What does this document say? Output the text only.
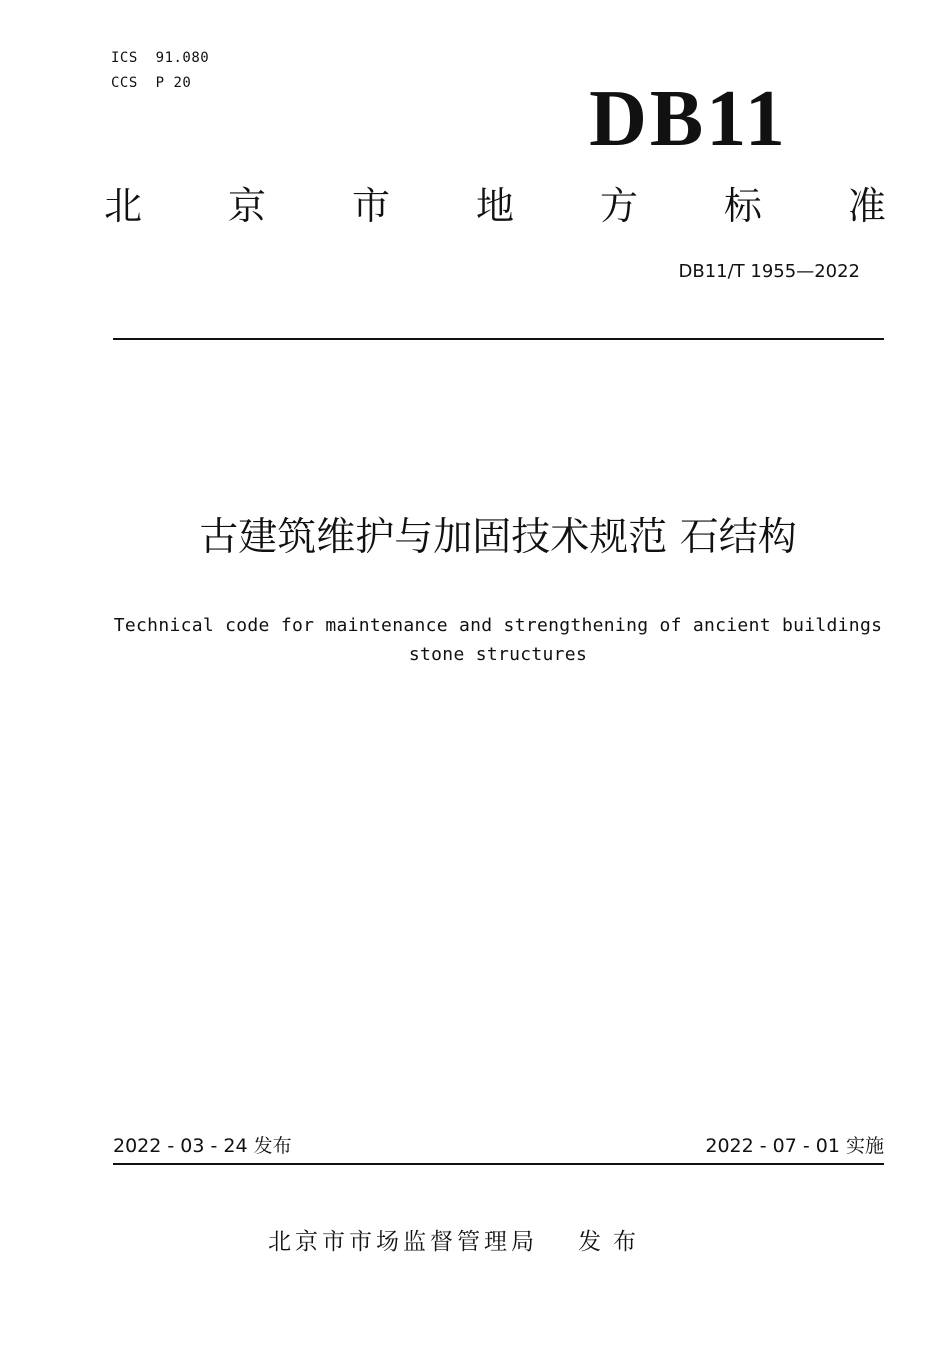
ICS  91.080
CCS  P 20	DB11
北 京 市 地 方 标 准
DB11/T 1955—2022
古建筑维护与加固技术规范 石结构
Technical code for maintenance and strengthening of ancient buildings
stone structures
2022 - 03 - 24 发布	2022 - 07 - 01 实施
北京市市场监督管理局 发布
